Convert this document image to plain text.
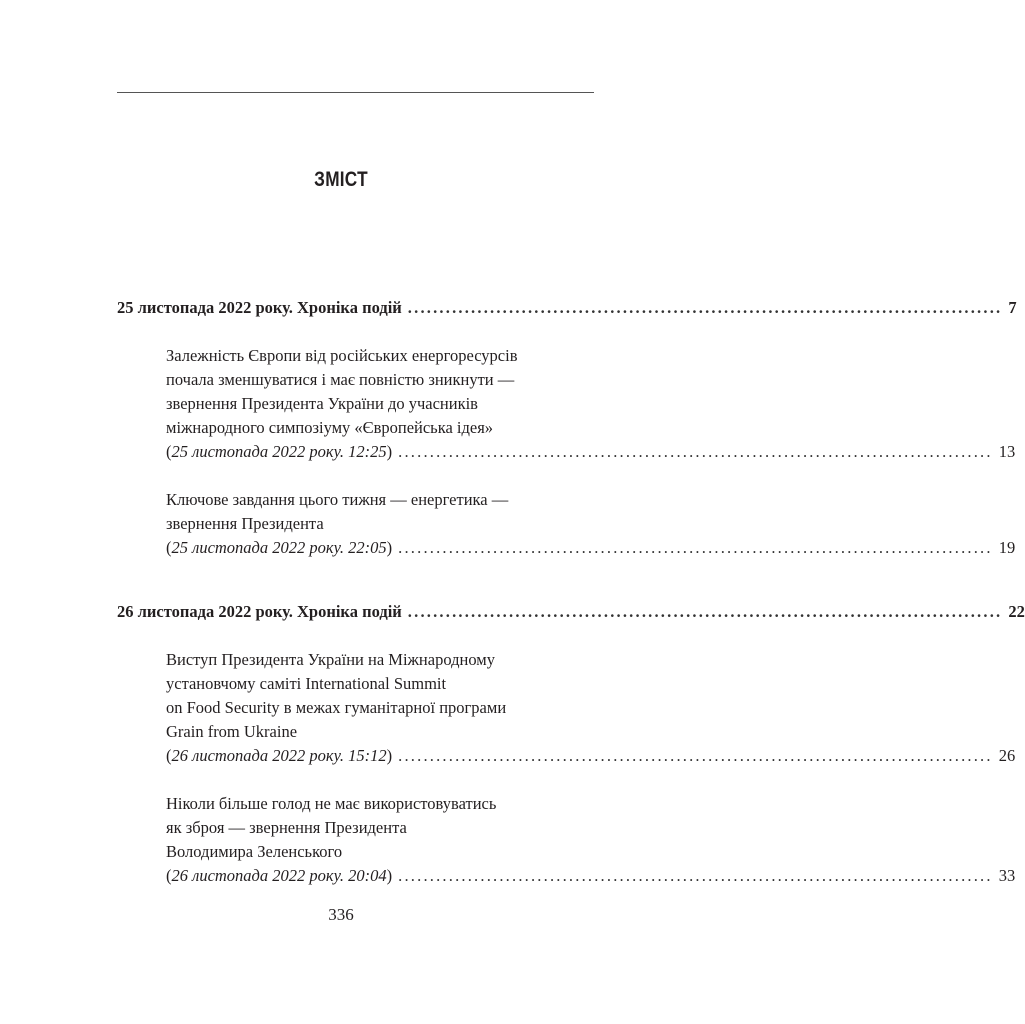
ЗМІСТ
25 листопада 2022 року. Хроніка подій .............................................................................................. 7
Залежність Європи від російських енергоресурсів
почала зменшуватися і має повністю зникнути —
звернення Президента України до учасників
міжнародного симпозіуму «Європейська ідея»
(25 листопада 2022 року. 12:25) .............................................................................................. 13
Ключове завдання цього тижня — енергетика —
звернення Президента
(25 листопада 2022 року. 22:05) .............................................................................................. 19
26 листопада 2022 року. Хроніка подій .............................................................................................. 22
Виступ Президента України на Міжнародному
установчому саміті International Summit
on Food Security в межах гуманітарної програми
Grain from Ukraine
(26 листопада 2022 року. 15:12) .............................................................................................. 26
Ніколи більше голод не має використовуватись
як зброя — звернення Президента
Володимира Зеленського
(26 листопада 2022 року. 20:04) .............................................................................................. 33
336
